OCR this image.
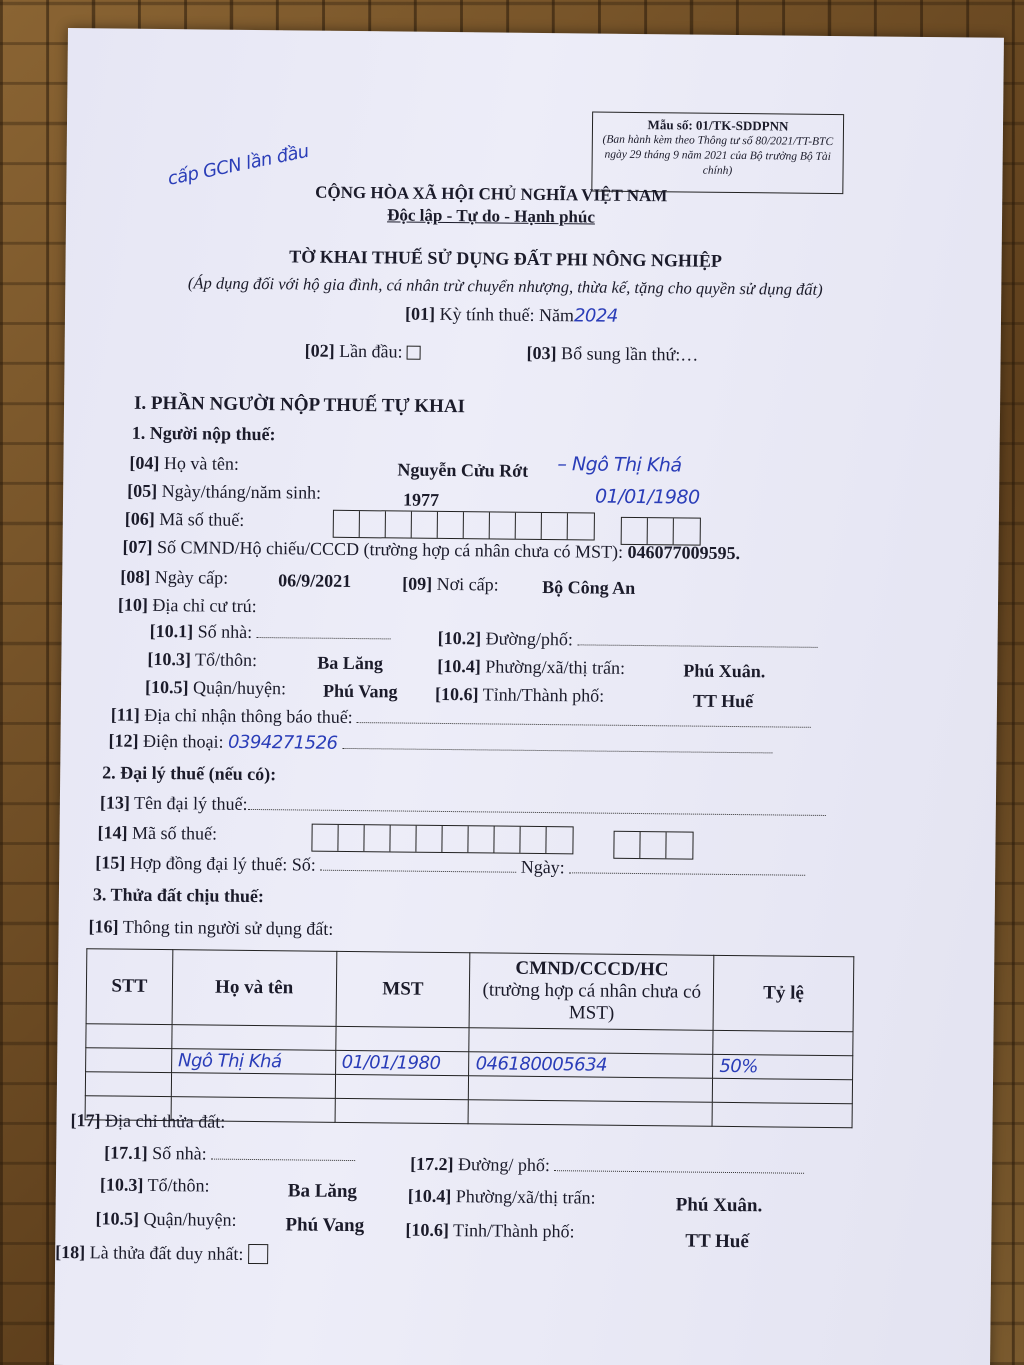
Mẫu số: 01/TK-SDDPNN
(Ban hành kèm theo Thông tư số 80/2021/TT-BTC ngày 29 tháng 9 năm 2021 của Bộ trưởng Bộ Tài chính)
cấp GCN lần đầu
CỘNG HÒA XÃ HỘI CHỦ NGHĨA VIỆT NAM
Độc lập - Tự do - Hạnh phúc
TỜ KHAI THUẾ SỬ DỤNG ĐẤT PHI NÔNG NGHIỆP
(Áp dụng đối với hộ gia đình, cá nhân trừ chuyển nhượng, thừa kế, tặng cho quyền sử dụng đất)
[01] Kỳ tính thuế: Năm2024
[02] Lần đầu:	[03] Bổ sung lần thứ:…
I. PHẦN NGƯỜI NỘP THUẾ TỰ KHAI
1. Người nộp thuế:
[04] Họ và tên:	Nguyễn Cửu Rớt – Ngô Thị Khá
[05] Ngày/tháng/năm sinh:	1977	01/01/1980
[06] Mã số thuế:
[07] Số CMND/Hộ chiếu/CCCD (trường hợp cá nhân chưa có MST): 046077009595.
[08] Ngày cấp:	06/9/2021	[09] Nơi cấp: Bộ Công An
[10] Địa chỉ cư trú:
[10.1] Số nhà:	[10.2] Đường/phố:
[10.3] Tổ/thôn:	Ba Lăng	[10.4] Phường/xã/thị trấn:	Phú Xuân.
[10.5] Quận/huyện: Phú Vang [10.6] Tỉnh/Thành phố:	TT Huế
[11] Địa chỉ nhận thông báo thuế:
[12] Điện thoại: 0394271526
2. Đại lý thuế (nếu có):
[13] Tên đại lý thuế:
[14] Mã số thuế:
[15] Hợp đồng đại lý thuế: Số:	Ngày:
3. Thửa đất chịu thuế:
[16] Thông tin người sử dụng đất:
STT	Họ và tên	MST	CMND/CCCD/HC
(trường hợp cá nhân chưa có MST)	Tỷ lệ

	Ngô Thị Khá	01/01/1980	046180005634	50%

[17] Địa chỉ thửa đất:
[17.1] Số nhà:
[17.2] Đường/ phố:
[10.3] Tổ/thôn:	Ba Lăng	[10.4] Phường/xã/thị trấn:	Phú Xuân.
[10.5] Quận/huyện:	Phú Vang [10.6] Tỉnh/Thành phố:	TT Huế
[18] Là thửa đất duy nhất:
